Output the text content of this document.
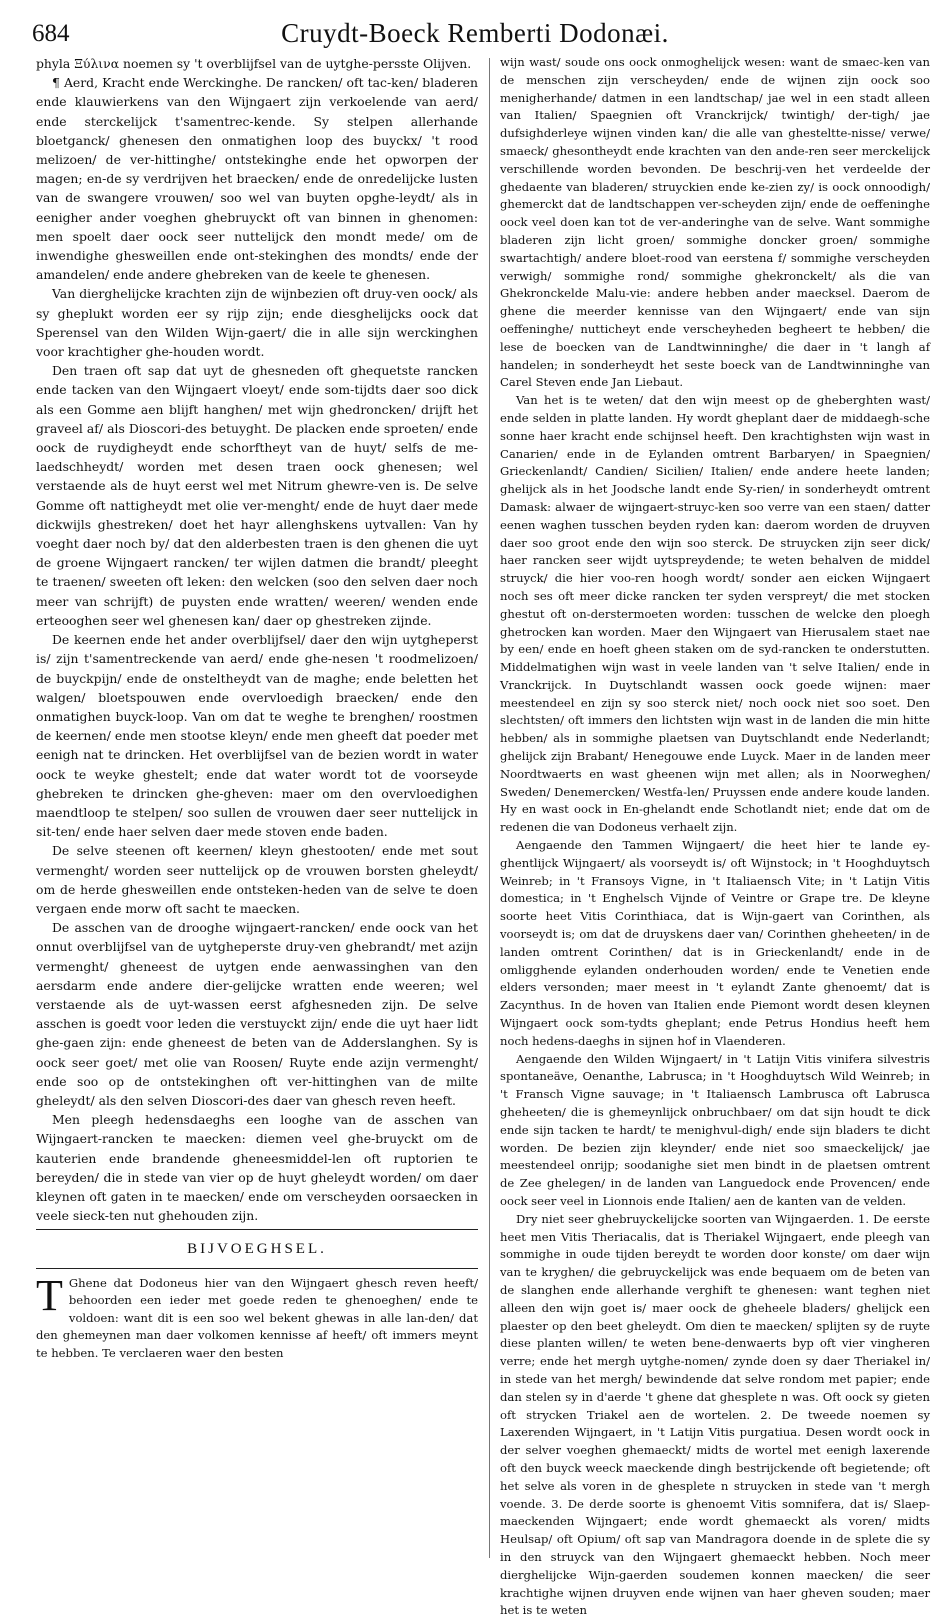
684	Cruydt-Boeck Remberti Dodonæi.

phyla Ξύλινα noemen sy 't overblijfsel van de uytghe-persste Olijven.

¶ Aerd, Kracht ende Werckinghe. De rancken/ oft tac-ken/ bladeren ende klauwierkens van den Wijngaert zijn verkoelende van aerd/ ende sterckelijck t'samentrec-kende. Sy stelpen allerhande bloetganck/ ghenesen den onmatighen loop des buyckx/ 't rood melizoen/ de ver-hittinghe/ ontstekinghe ende het opworpen der magen; en-de sy verdrijven het braecken/ ende de onredelijcke lusten van de swangere vrouwen/ soo wel van buyten opghe-leydt/ als in eenigher ander voeghen ghebruyckt oft van binnen in ghenomen: men spoelt daer oock seer nuttelijck den mondt mede/ om de inwendighe ghesweillen ende ont-stekinghen des mondts/ ende der amandelen/ ende andere ghebreken van de keele te ghenesen.

Van dierghelijcke krachten zijn de wijnbezien oft druy-ven oock/ als sy gheplukt worden eer sy rijp zijn; ende diesghelijcks oock dat Sperensel van den Wilden Wijn-gaert/ die in alle sijn werckinghen voor krachtigher ghe-houden wordt.

Den traen oft sap dat uyt de ghesneden oft ghequetste rancken ende tacken van den Wijngaert vloeyt/ ende som-tijdts daer soo dick als een Gomme aen blijft hanghen/ met wijn ghedroncken/ drijft het graveel af/ als Dioscori-des betuyght. De placken ende sproeten/ ende oock de ruydigheydt ende schorftheyt van de huyt/ selfs de me-laedschheydt/ worden met desen traen oock ghenesen; wel verstaende als de huyt eerst wel met Nitrum ghewre-ven is. De selve Gomme oft nattigheydt met olie ver-menght/ ende de huyt daer mede dickwijls ghestreken/ doet het hayr allenghskens uytvallen: Van hy voeght daer noch by/ dat den alderbesten traen is den ghenen die uyt de groene Wijngaert rancken/ ter wijlen datmen die brandt/ pleeght te traenen/ sweeten oft leken: den welcken (soo den selven daer noch meer van schrijft) de puysten ende wratten/ weeren/ wenden ende erteooghen seer wel ghenesen kan/ daer op ghestreken zijnde.

De keernen ende het ander overblijfsel/ daer den wijn uytgheperst is/ zijn t'samentreckende van aerd/ ende ghe-nesen 't roodmelizoen/ de buyckpijn/ ende de onsteltheydt van de maghe; ende beletten het walgen/ bloetspouwen ende overvloedigh braecken/ ende den onmatighen buyck-loop. Van om dat te weghe te brenghen/ roostmen de keernen/ ende men stootse kleyn/ ende men gheeft dat poeder met eenigh nat te drincken. Het overblijfsel van de bezien wordt in water oock te weyke ghestelt; ende dat water wordt tot de voorseyde ghebreken te drincken ghe-gheven: maer om den overvloedighen maendtloop te stelpen/ soo sullen de vrouwen daer seer nuttelijck in sit-ten/ ende haer selven daer mede stoven ende baden.

De selve steenen oft keernen/ kleyn ghestooten/ ende met sout vermenght/ worden seer nuttelijck op de vrouwen borsten gheleydt/ om de herde ghesweillen ende ontsteken-heden van de selve te doen vergaen ende morw oft sacht te maecken.

De asschen van de drooghe wijngaert-rancken/ ende oock van het onnut overblijfsel van de uytgheperste druy-ven ghebrandt/ met azijn vermenght/ gheneest de uytgen ende aenwassinghen van den aersdarm ende andere dier-gelijcke wratten ende weeren; wel verstaende als de uyt-wassen eerst afghesneden zijn. De selve asschen is goedt voor leden die verstuyckt zijn/ ende die uyt haer lidt ghe-gaen zijn: ende gheneest de beten van de Adderslanghen. Sy is oock seer goet/ met olie van Roosen/ Ruyte ende azijn vermenght/ ende soo op de ontstekinghen oft ver-hittinghen van de milte gheleydt/ als den selven Dioscori-des daer van ghesch reven heeft.

Men pleegh hedensdaeghs een looghe van de asschen van Wijngaert-rancken te maecken: diemen veel ghe-bruyckt om de kauterien ende brandende gheneesmiddel-len oft ruptorien te bereyden/ die in stede van vier op de huyt gheleydt worden/ om daer kleynen oft gaten in te maecken/ ende om verscheyden oorsaecken in veele sieck-ten nut ghehouden zijn.

BIJVOEGHSEL.
T Ghene dat Dodoneus hier van den Wijngaert ghesch reven heeft/ behoorden een ieder met goede reden te ghenoeghen/ ende te voldoen: want dit is een soo wel bekent ghewas in alle lan-den/ dat den ghemeynen man daer volkomen kennisse af heeft/ oft immers meynt te hebben. Te verclaeren waer den besten

wijn wast/ soude ons oock onmoghelijck wesen: want de smaec-ken van de menschen zijn verscheyden/ ende de wijnen zijn oock soo menigherhande/ datmen in een landtschap/ jae wel in een stadt alleen van Italien/ Spaegnien oft Vranckrijck/ twintigh/ der-tigh/ jae dufsighderleye wijnen vinden kan/ die alle van ghesteltte-nisse/ verwe/ smaeck/ ghesontheydt ende krachten van den ande-ren seer merckelijck verschillende worden bevonden. De beschrij-ven het verdeelde der ghedaente van bladeren/ struyckien ende ke-zien zy/ is oock onnoodigh/ ghemerckt dat de landtschappen ver-scheyden zijn/ ende de oeffeninghe oock veel doen kan tot de ver-anderinghe van de selve. Want sommighe bladeren zijn licht groen/ sommighe doncker groen/ sommighe swartachtigh/ andere bloet-rood van eerstena f/ sommighe verscheyden verwigh/ sommighe rond/ sommighe ghekronckelt/ als die van Ghekronckelde Malu-vie: andere hebben ander maecksel. Daerom de ghene die meerder kennisse van den Wijngaert/ ende van sijn oeffeninghe/ nutticheyt ende verscheyheden begheert te hebben/ die lese de boecken van de Landtwinninghe/ die daer in 't langh af handelen; in sonderheydt het seste boeck van de Landtwinninghe van Carel Steven ende Jan Liebaut.

Van het is te weten/ dat den wijn meest op de gheberghten wast/ ende selden in platte landen. Hy wordt gheplant daer de middaegh-sche sonne haer kracht ende schijnsel heeft. Den krachtighsten wijn wast in Canarien/ ende in de Eylanden omtrent Barbaryen/ in Spaegnien/ Grieckenlandt/ Candien/ Sicilien/ Italien/ ende andere heete landen; ghelijck als in het Joodsche landt ende Sy-rien/ in sonderheydt omtrent Damask: alwaer de wijngaert-struyc-ken soo verre van een staen/ datter eenen waghen tusschen beyden ryden kan: daerom worden de druyven daer soo groot ende den wijn soo sterck. De struycken zijn seer dick/ haer rancken seer wijdt uytspreydende; te weten behalven de middel struyck/ die hier voo-ren hoogh wordt/ sonder aen eicken Wijngaert noch ses oft meer dicke rancken ter syden verspreyt/ die met stocken ghestut oft on-derstermoeten worden: tusschen de welcke den ploegh ghetrocken kan worden. Maer den Wijngaert van Hierusalem staet nae by een/ ende en hoeft gheen staken om de syd-rancken te onderstutten. Middelmatighen wijn wast in veele landen van 't selve Italien/ ende in Vranckrijck. In Duytschlandt wassen oock goede wijnen: maer meestendeel en zijn sy soo sterck niet/ noch oock niet soo soet. Den slechtsten/ oft immers den lichtsten wijn wast in de landen die min hitte hebben/ als in sommighe plaetsen van Duytschlandt ende Nederlandt; ghelijck zijn Brabant/ Henegouwe ende Luyck. Maer in de landen meer Noordtwaerts en wast gheenen wijn met allen; als in Noorweghen/ Sweden/ Denemercken/ Westfa-len/ Pruyssen ende andere koude landen. Hy en wast oock in En-ghelandt ende Schotlandt niet; ende dat om de redenen die van Dodoneus verhaelt zijn.

Aengaende den Tammen Wijngaert/ die heet hier te lande ey-ghentlijck Wijngaert/ als voorseydt is/ oft Wijnstock; in 't Hooghduytsch Weinreb; in 't Fransoys Vigne, in 't Italiaensch Vite; in 't Latijn Vitis domestica; in 't Enghelsch Vijnde of Veintre or Grape tre. De kleyne soorte heet Vitis Corinthiaca, dat is Wijn-gaert van Corinthen, als voorseydt is; om dat de druyskens daer van/ Corinthen gheheeten/ in de landen omtrent Corinthen/ dat is in Grieckenlandt/ ende in de omligghende eylanden onderhouden worden/ ende te Venetien ende elders versonden; maer meest in 't eylandt Zante ghenoemt/ dat is Zacynthus. In de hoven van Italien ende Piemont wordt desen kleynen Wijngaert oock som-tydts gheplant; ende Petrus Hondius heeft hem noch hedens-daeghs in sijnen hof in Vlaenderen.

Aengaende den Wilden Wijngaert/ in 't Latijn Vitis vinifera silvestris spontaneäve, Oenanthe, Labrusca; in 't Hooghduytsch Wild Weinreb; in 't Fransch Vigne sauvage; in 't Italiaensch Lambrusca oft Labrusca gheheeten/ die is ghemeynlijck onbruchbaer/ om dat sijn houdt te dick ende sijn tacken te hardt/ te menighvul-digh/ ende sijn bladers te dicht worden. De bezien zijn kleynder/ ende niet soo smaeckelijck/ jae meestendeel onrijp; soodanighe siet men bindt in de plaetsen omtrent de Zee ghelegen/ in de landen van Languedock ende Provencen/ ende oock seer veel in Lionnois ende Italien/ aen de kanten van de velden.

Dry niet seer ghebruyckelijcke soorten van Wijngaerden. 1. De eerste heet men Vitis Theriacalis, dat is Theriakel Wijngaert, ende pleegh van sommighe in oude tijden bereydt te worden door konste/ om daer wijn van te kryghen/ die gebruyckelijck was ende bequaem om de beten van de slanghen ende allerhande verghift te ghenesen: want teghen niet alleen den wijn goet is/ maer oock de gheheele bladers/ ghelijck een plaester op den beet gheleydt. Om dien te maecken/ splijten sy de ruyte diese planten willen/ te weten bene-denwaerts byp oft vier vingheren verre; ende het mergh uytghe-nomen/ zynde doen sy daer Theriakel in/ in stede van het mergh/ bewindende dat selve rondom met papier; ende dan stelen sy in d'aerde 't ghene dat ghesplete n was. Oft oock sy gieten oft strycken Triakel aen de wortelen. 2. De tweede noemen sy Laxerenden Wijngaert, in 't Latijn Vitis purgatiua. Desen wordt oock in der selver voeghen ghemaeckt/ midts de wortel met eenigh laxerende oft den buyck weeck maeckende dingh bestrijckende oft begietende; oft het selve als voren in de ghesplete n struycken in stede van 't mergh voende. 3. De derde soorte is ghenoemt Vitis somnifera, dat is/ Slaep-maeckenden Wijngaert; ende wordt ghemaeckt als voren/ midts Heulsap/ oft Opium/ oft sap van Mandragora doende in de splete die sy in den struyck van den Wijngaert ghemaeckt hebben. Noch meer dierghelijcke Wijn-gaerden soudemen konnen maecken/ die seer krachtighe wijnen druyven ende wijnen van haer gheven souden; maer het is te weten
